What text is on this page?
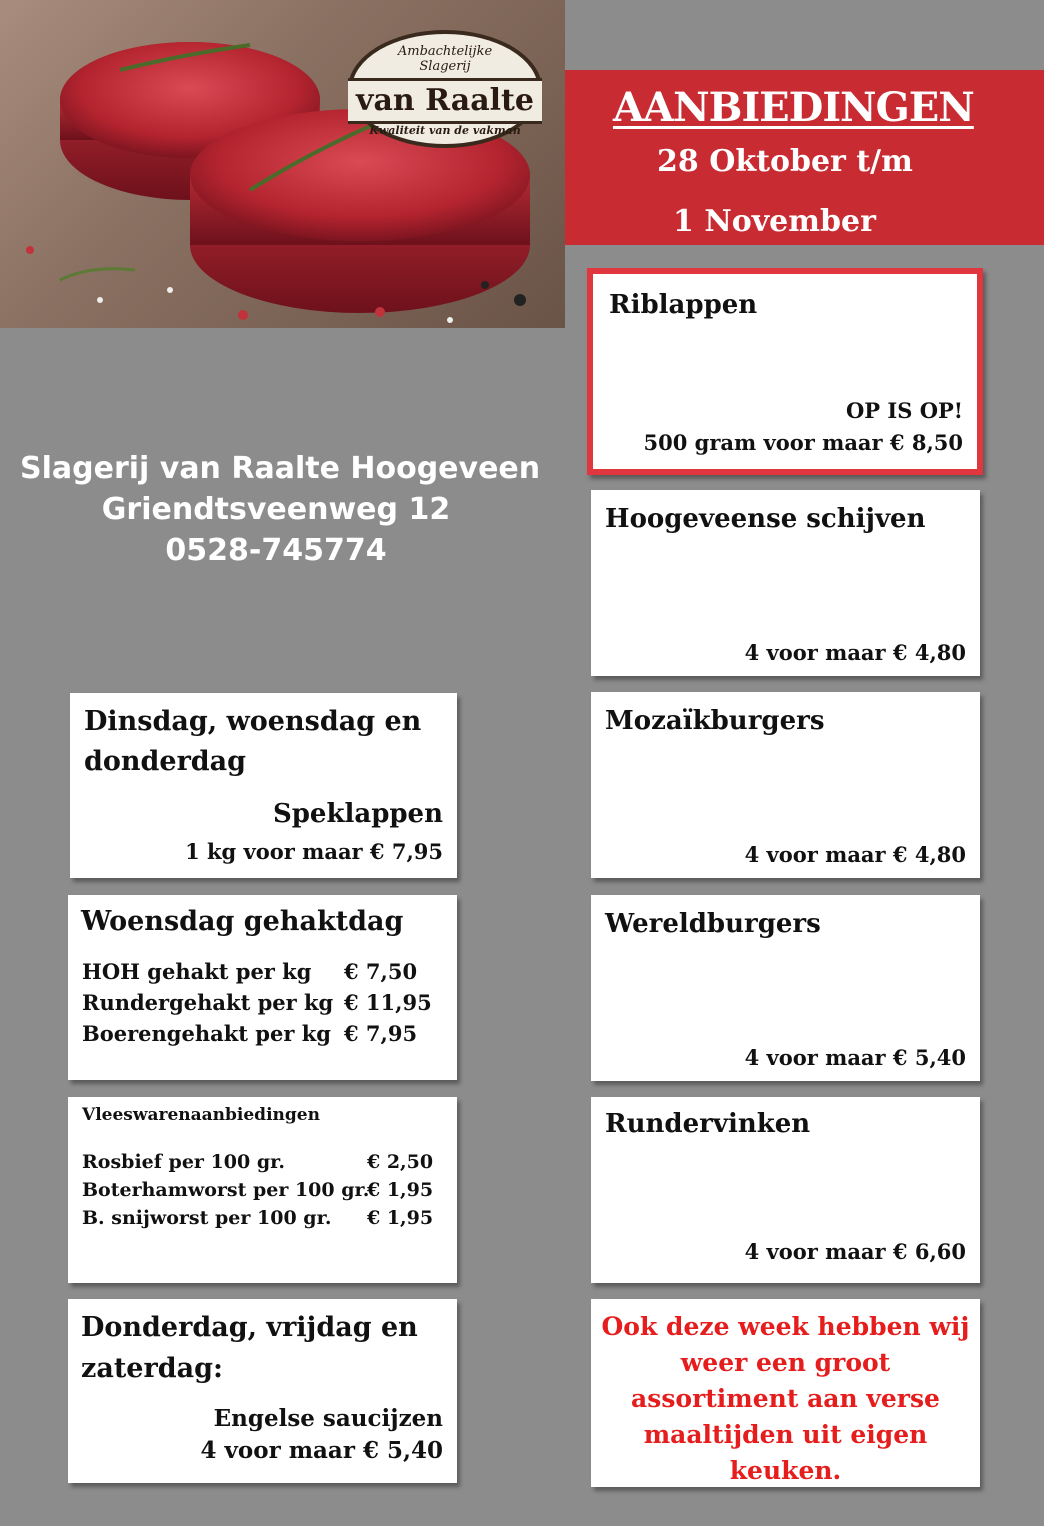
Ambachtelijke
Slagerij
van Raalte
Kwaliteit van de vakman	AANBIEDINGEN
28 Oktober t/m
1 November
Slagerij van Raalte Hoogeveen
Griendtsveenweg 12
0528-745774
Riblappen
OP IS OP!
500 gram voor maar € 8,50
Hoogeveense schijven
4 voor maar € 4,80
Mozaïkburgers
4 voor maar € 4,80
Wereldburgers
4 voor maar € 5,40
Rundervinken
4 voor maar € 6,60
Ook deze week hebben wij
weer een groot
assortiment aan verse
maaltijden uit eigen
keuken.
Dinsdag, woensdag en
donderdag
Speklappen
1 kg voor maar € 7,95
Woensdag gehaktdag
HOH gehakt per kg € 7,50
Rundergehakt per kg € 11,95
Boerengehakt per kg € 7,95
Vleeswarenaanbiedingen
Rosbief per 100 gr.	€ 2,50
Boterhamworst per 100 gr.
€ 1,95
B. snijworst per 100 gr. € 1,95
Donderdag, vrijdag en
zaterdag:
Engelse saucijzen
4 voor maar € 5,40
